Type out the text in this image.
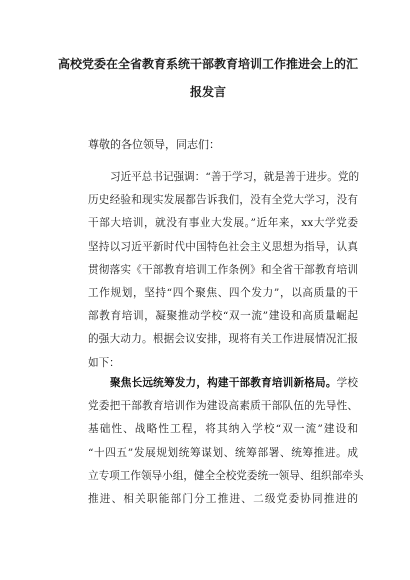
高校党委在全省教育系统干部教育培训工作推进会上的汇
报发言
尊敬的各位领导，同志们：
习近平总书记强调：“善于学习，就是善于进步。党的
历史经验和现实发展都告诉我们，没有全党大学习，没有
干部大培训，就没有事业大发展。”近年来，xx大学党委
坚持以习近平新时代中国特色社会主义思想为指导，认真
贯彻落实《干部教育培训工作条例》和全省干部教育培训
工作规划，坚持“四个聚焦、四个发力”，以高质量的干
部教育培训，凝聚推动学校“双一流”建设和高质量崛起
的强大动力。根据会议安排，现将有关工作进展情况汇报
如下：
聚焦长远统筹发力，构建干部教育培训新格局。学校
党委把干部教育培训作为建设高素质干部队伍的先导性、
基础性、战略性工程，将其纳入学校“双一流”建设和
“十四五”发展规划统筹谋划、统筹部署、统筹推进。成
立专项工作领导小组，健全全校党委统一领导、组织部牵头
推进、相关职能部门分工推进、二级党委协同推进的
